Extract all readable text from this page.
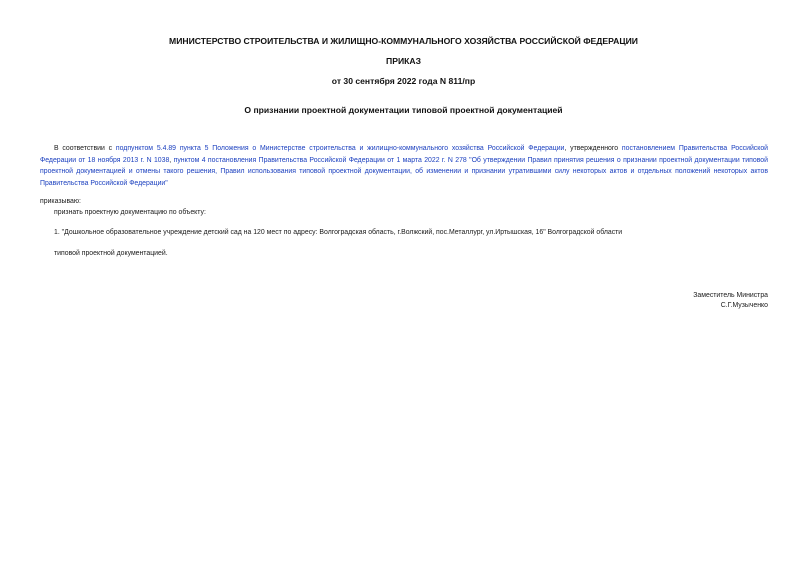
МИНИСТЕРСТВО СТРОИТЕЛЬСТВА И ЖИЛИЩНО-КОММУНАЛЬНОГО ХОЗЯЙСТВА РОССИЙСКОЙ ФЕДЕРАЦИИ
ПРИКАЗ
от 30 сентября 2022 года N 811/пр
О признании проектной документации типовой проектной документацией

В соответствии с подпунктом 5.4.89 пункта 5 Положения о Министерстве строительства и жилищно-коммунального хозяйства Российской Федерации, утвержденного постановлением Правительства Российской Федерации от 18 ноября 2013 г. N 1038, пунктом 4 постановления Правительства Российской Федерации от 1 марта 2022 г. N 278 "Об утверждении Правил принятия решения о признании проектной документации типовой проектной документацией и отмены такого решения, Правил использования типовой проектной документации, об изменении и признании утратившими силу некоторых актов и отдельных положений некоторых актов Правительства Российской Федерации"

приказываю:
признать проектную документацию по объекту:
1. "Дошкольное образовательное учреждение детский сад на 120 мест по адресу: Волгоградская область, г.Волжский, пос.Металлург, ул.Иртышская, 16" Волгоградской области
типовой проектной документацией.
Заместитель Министра
С.Г.Музыченко
